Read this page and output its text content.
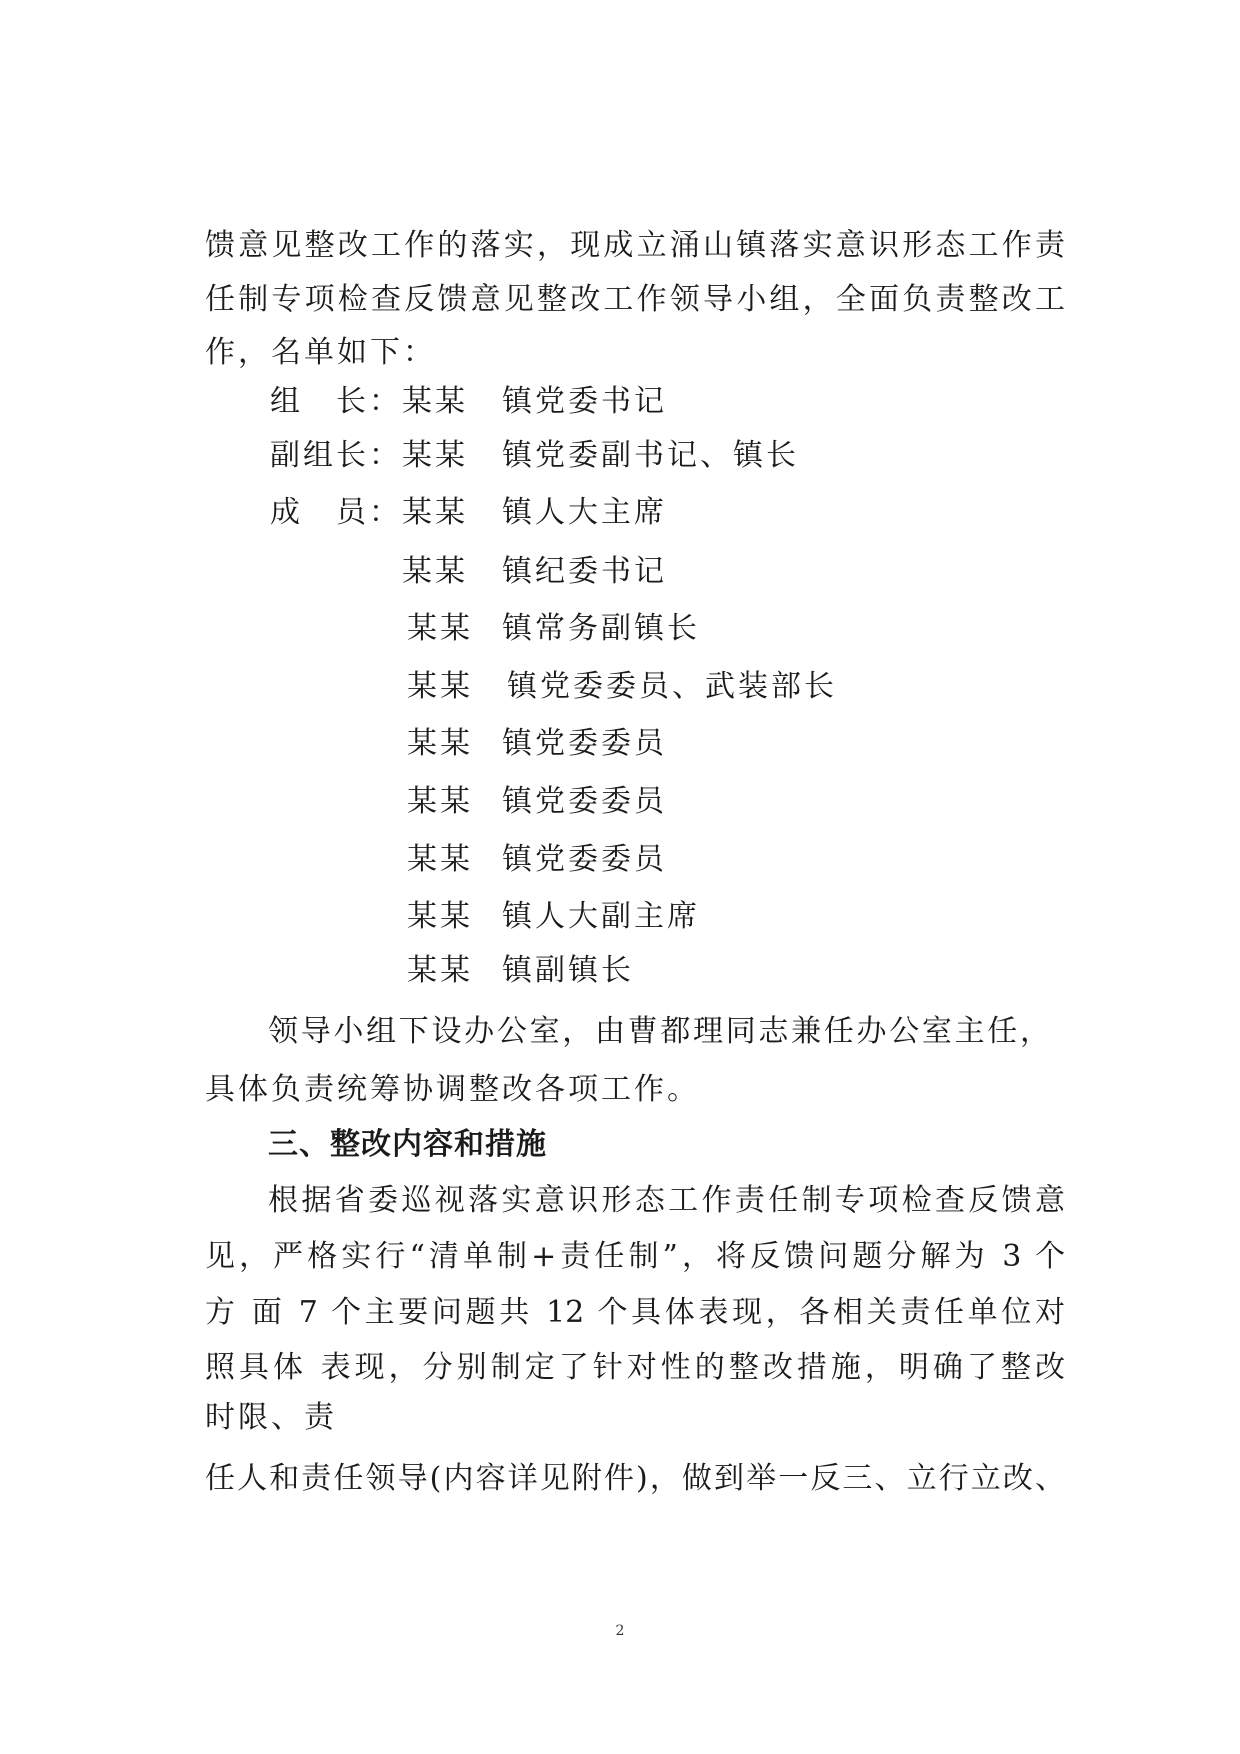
馈意见整改工作的落实，现成立涌山镇落实意识形态工作责
任制专项检查反馈意见整改工作领导小组，全面负责整改工
作，名单如下：
组　长： 某某 镇党委书记
副组长： 某某 镇党委副书记、镇长
成　员： 某某 镇人大主席
某某 镇纪委书记
某某 镇常务副镇长
某某 镇党委委员、武装部长
某某 镇党委委员
某某 镇党委委员
某某 镇党委委员
某某 镇人大副主席
某某 镇副镇长
领导小组下设办公室，由曹都理同志兼任办公室主任，
具体负责统筹协调整改各项工作。
三、整改内容和措施
根据省委巡视落实意识形态工作责任制专项检查反馈意
见，严格实行“清单制+责任制”，将反馈问题分解为 3 个
方 面 7 个主要问题共 12 个具体表现，各相关责任单位对
照具体 表现，分别制定了针对性的整改措施，明确了整改
时限、责
任人和责任领导(内容详见附件)，做到举一反三、立行立改、
2
